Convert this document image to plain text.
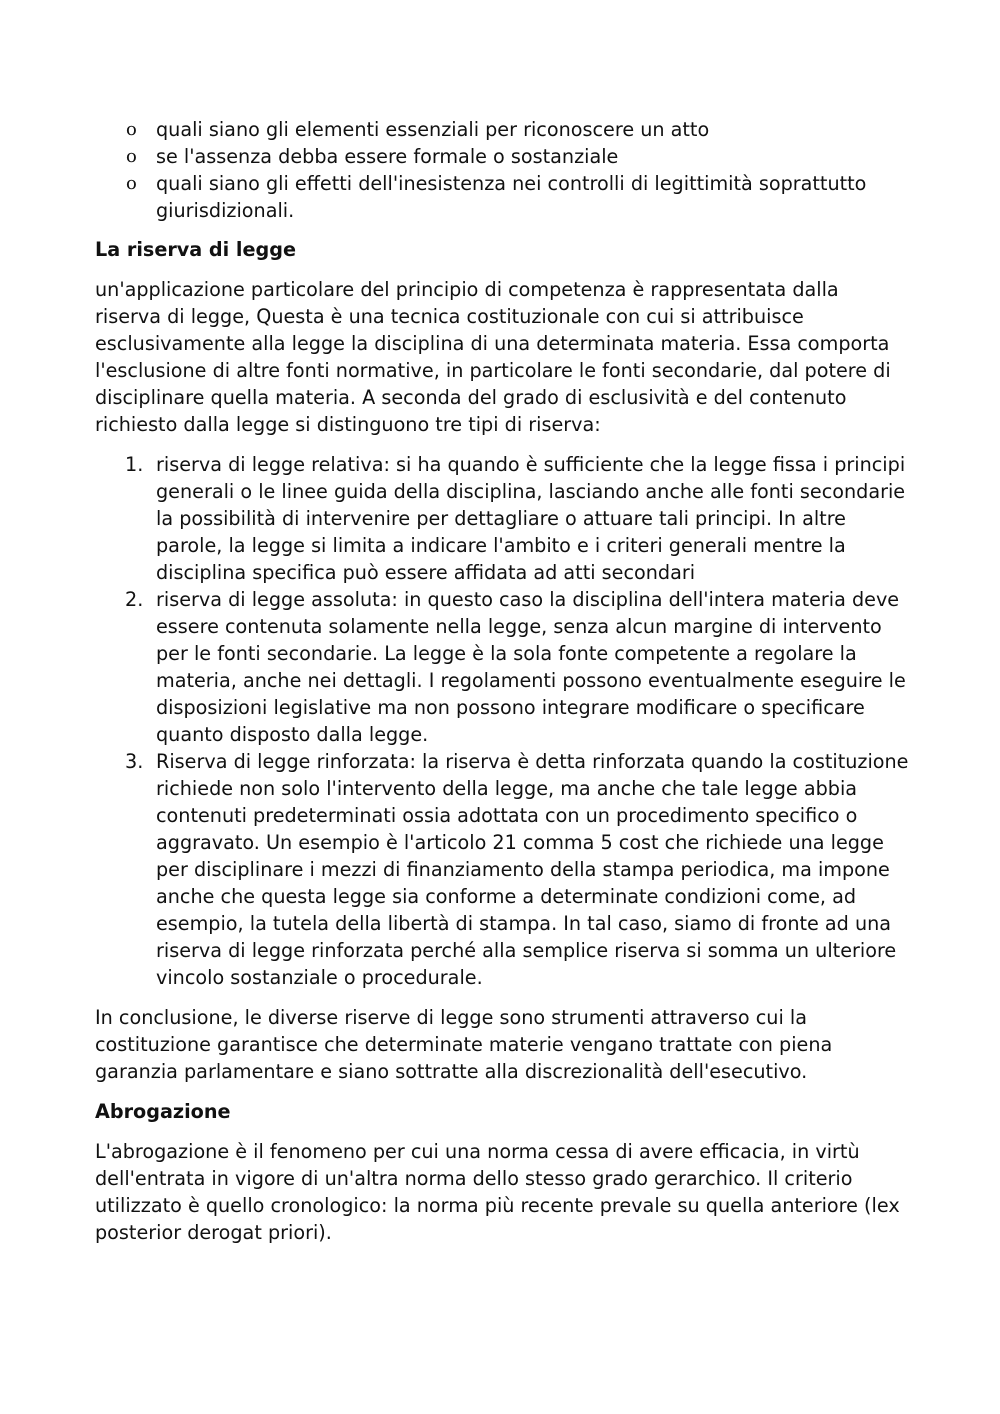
o quali siano gli elementi essenziali per riconoscere un atto
o se l'assenza debba essere formale o sostanziale
o quali siano gli effetti dell'inesistenza nei controlli di legittimità soprattutto giurisdizionali.
La riserva di legge

un'applicazione particolare del principio di competenza è rappresentata dalla riserva di legge, Questa è una tecnica costituzionale con cui si attribuisce esclusivamente alla legge la disciplina di una determinata materia. Essa comporta l'esclusione di altre fonti normative, in particolare le fonti secondarie, dal potere di disciplinare quella materia. A seconda del grado di esclusività e del contenuto richiesto dalla legge si distinguono tre tipi di riserva:

1. riserva di legge relativa: si ha quando è sufficiente che la legge fissa i principi generali o le linee guida della disciplina, lasciando anche alle fonti secondarie la possibilità di intervenire per dettagliare o attuare tali principi. In altre parole, la legge si limita a indicare l'ambito e i criteri generali mentre la disciplina specifica può essere affidata ad atti secondari
2. riserva di legge assoluta: in questo caso la disciplina dell'intera materia deve essere contenuta solamente nella legge, senza alcun margine di intervento per le fonti secondarie. La legge è la sola fonte competente a regolare la materia, anche nei dettagli. I regolamenti possono eventualmente eseguire le disposizioni legislative ma non possono integrare modificare o specificare quanto disposto dalla legge.
3. Riserva di legge rinforzata: la riserva è detta rinforzata quando la costituzione richiede non solo l'intervento della legge, ma anche che tale legge abbia contenuti predeterminati ossia adottata con un procedimento specifico o aggravato. Un esempio è l'articolo 21 comma 5 cost che richiede una legge per disciplinare i mezzi di finanziamento della stampa periodica, ma impone anche che questa legge sia conforme a determinate condizioni come, ad esempio, la tutela della libertà di stampa. In tal caso, siamo di fronte ad una riserva di legge rinforzata perché alla semplice riserva si somma un ulteriore vincolo sostanziale o procedurale.

In conclusione, le diverse riserve di legge sono strumenti attraverso cui la costituzione garantisce che determinate materie vengano trattate con piena garanzia parlamentare e siano sottratte alla discrezionalità dell'esecutivo.

Abrogazione

L'abrogazione è il fenomeno per cui una norma cessa di avere efficacia, in virtù dell'entrata in vigore di un'altra norma dello stesso grado gerarchico. Il criterio utilizzato è quello cronologico: la norma più recente prevale su quella anteriore (lex posterior derogat priori).
